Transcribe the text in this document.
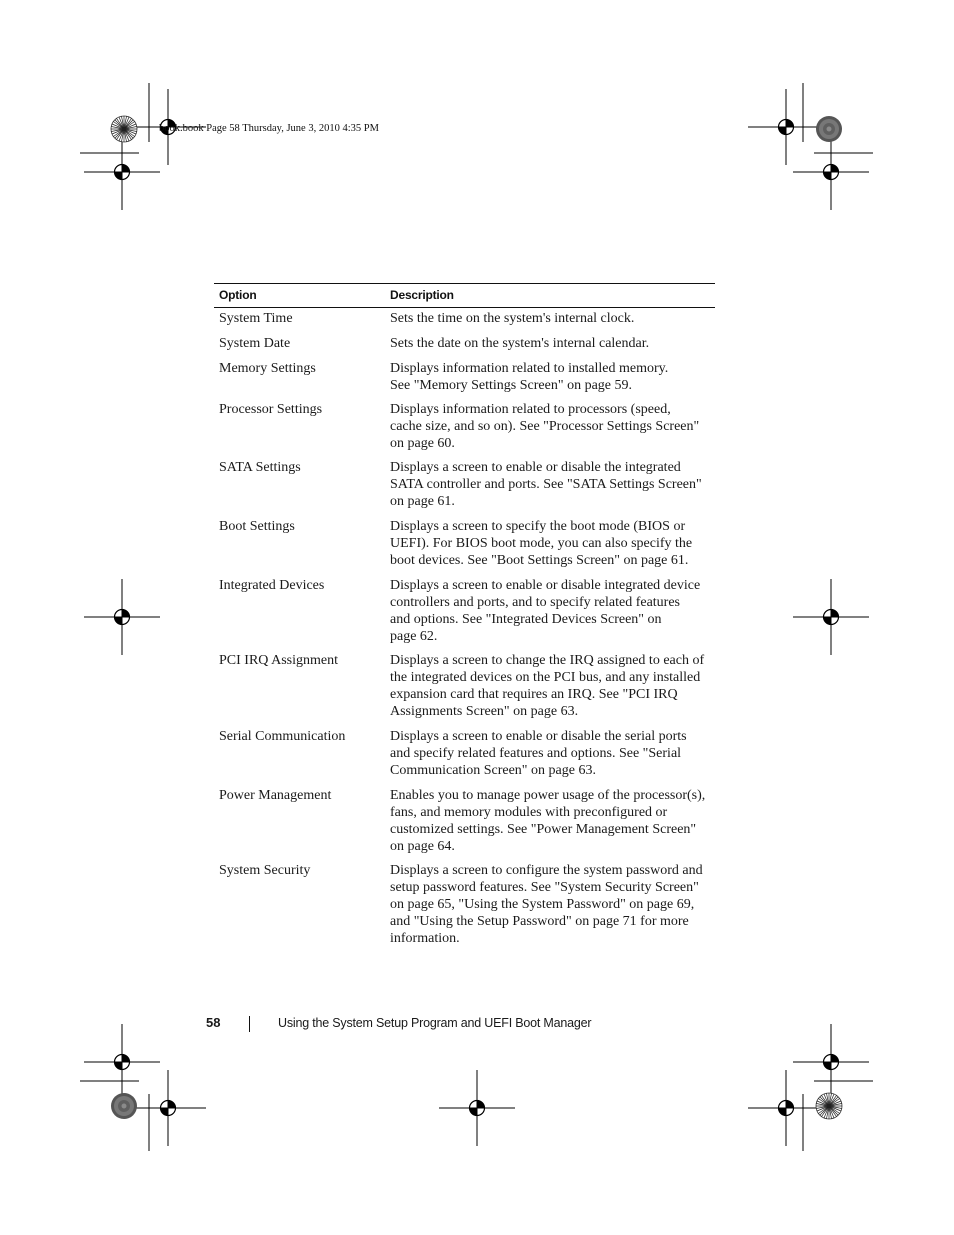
book.book Page 58 Thursday, June 3, 2010 4:35 PM
Option	Description
System Time	Sets the time on the system's internal clock.
System Date	Sets the date on the system's internal calendar.
Memory Settings	Displays information related to installed memory.
See "Memory Settings Screen" on page 59.
Processor Settings	Displays information related to processors (speed,
cache size, and so on). See "Processor Settings Screen"
on page 60.
SATA Settings	Displays a screen to enable or disable the integrated
SATA controller and ports. See "SATA Settings Screen"
on page 61.
Boot Settings	Displays a screen to specify the boot mode (BIOS or
UEFI). For BIOS boot mode, you can also specify the
boot devices. See "Boot Settings Screen" on page 61.
Integrated Devices	Displays a screen to enable or disable integrated device
controllers and ports, and to specify related features
and options. See "Integrated Devices Screen" on
page 62.
PCI IRQ Assignment	Displays a screen to change the IRQ assigned to each of
the integrated devices on the PCI bus, and any installed
expansion card that requires an IRQ. See "PCI IRQ
Assignments Screen" on page 63.
Serial Communication	Displays a screen to enable or disable the serial ports
and specify related features and options. See "Serial
Communication Screen" on page 63.
Power Management	Enables you to manage power usage of the processor(s),
fans, and memory modules with preconfigured or
customized settings. See "Power Management Screen"
on page 64.
System Security	Displays a screen to configure the system password and
setup password features. See "System Security Screen"
on page 65, "Using the System Password" on page 69,
and "Using the Setup Password" on page 71 for more
information.
58	Using the System Setup Program and UEFI Boot Manager
